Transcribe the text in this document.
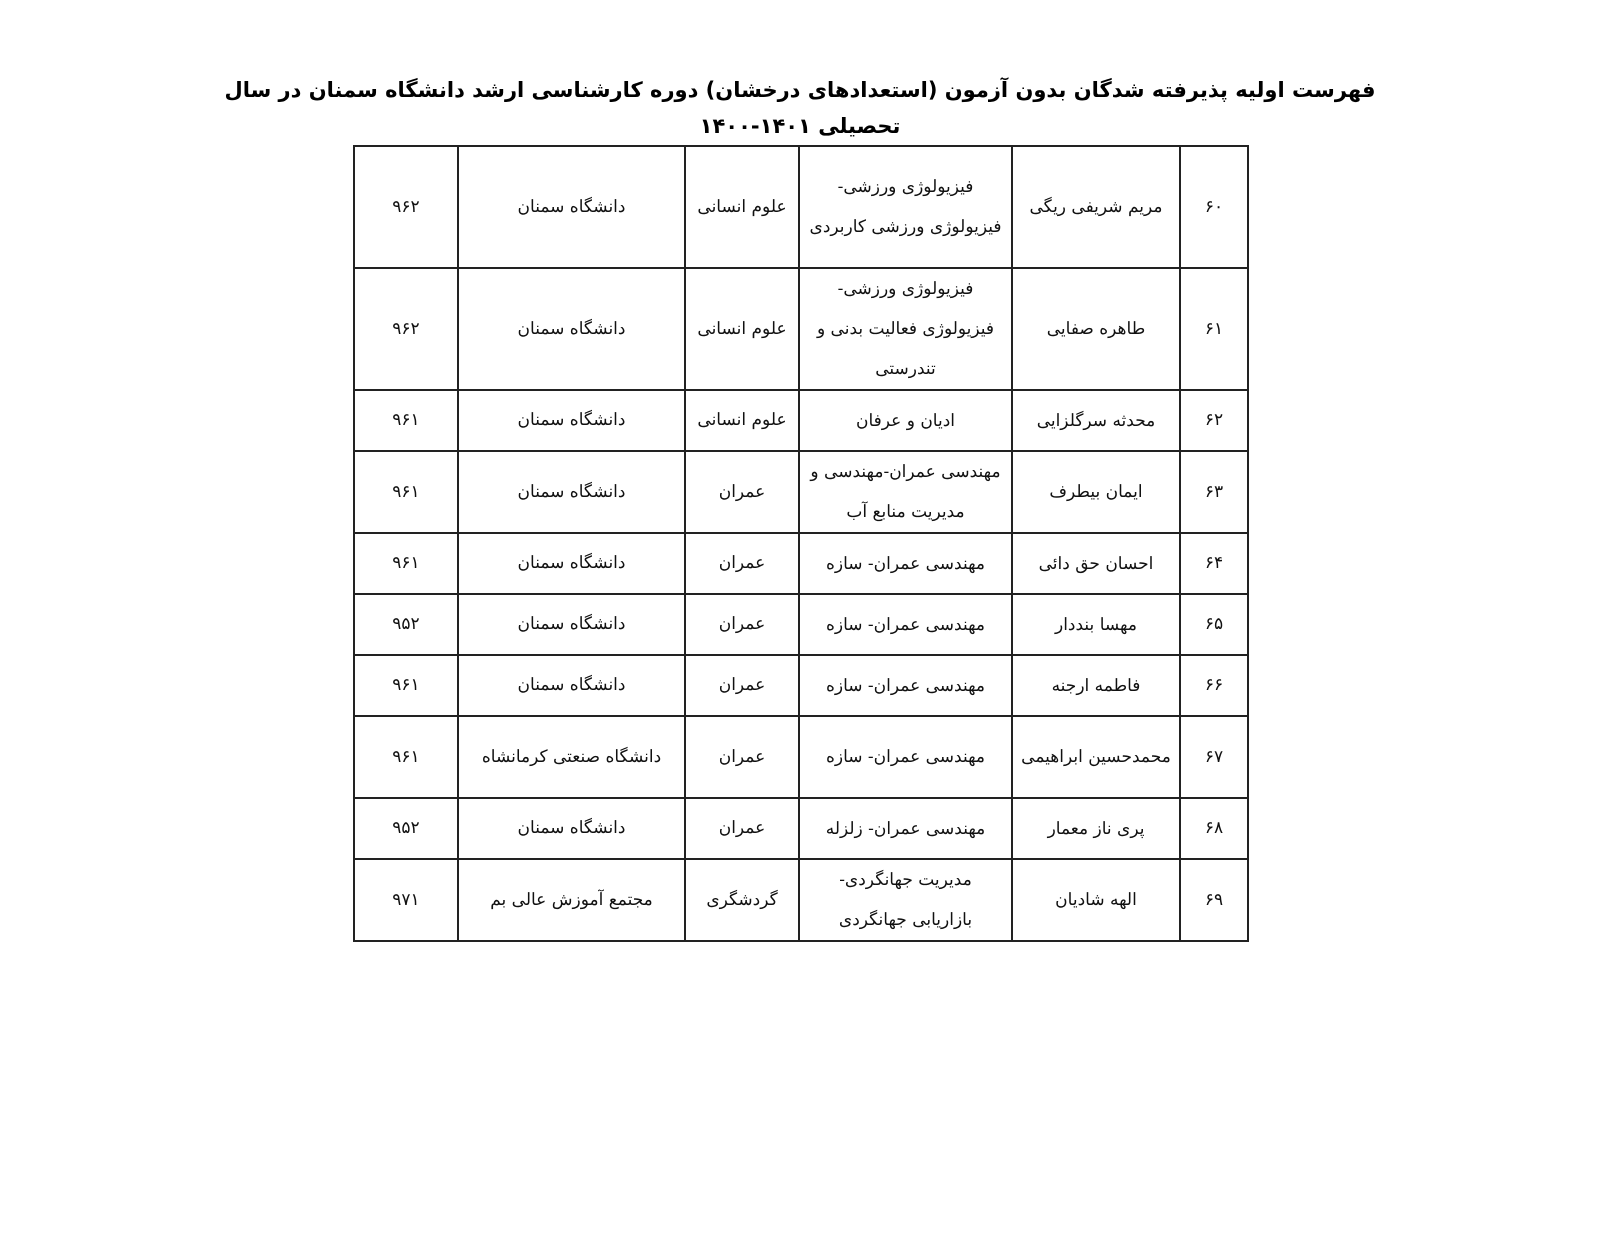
فهرست اولیه پذیرفته شدگان بدون آزمون (استعدادهای درخشان) دوره کارشناسی ارشد دانشگاه سمنان در سال تحصیلی ۱۴۰۱-۱۴۰۰
۶۰	مریم شریفی ریگی	فیزیولوژی ورزشی- فیزیولوژی ورزشی کاربردی	علوم انسانی	دانشگاه سمنان	۹۶۲
۶۱	طاهره صفایی	فیزیولوژی ورزشی- فیزیولوژی فعالیت بدنی و تندرستی	علوم انسانی	دانشگاه سمنان	۹۶۲
۶۲	محدثه سرگلزایی	ادیان و عرفان	علوم انسانی	دانشگاه سمنان	۹۶۱
۶۳	ایمان بیطرف	مهندسی عمران-مهندسی و مدیریت منابع آب	عمران	دانشگاه سمنان	۹۶۱
۶۴	احسان حق دائی	مهندسی عمران- سازه	عمران	دانشگاه سمنان	۹۶۱
۶۵	مهسا بنددار	مهندسی عمران- سازه	عمران	دانشگاه سمنان	۹۵۲
۶۶	فاطمه ارجنه	مهندسی عمران- سازه	عمران	دانشگاه سمنان	۹۶۱
۶۷	محمدحسین ابراهیمی	مهندسی عمران- سازه	عمران	دانشگاه صنعتی کرمانشاه	۹۶۱
۶۸	پری ناز معمار	مهندسی عمران- زلزله	عمران	دانشگاه سمنان	۹۵۲
۶۹	الهه شادیان	مدیریت جهانگردی- بازاریابی جهانگردی	گردشگری	مجتمع آموزش عالی بم	۹۷۱
